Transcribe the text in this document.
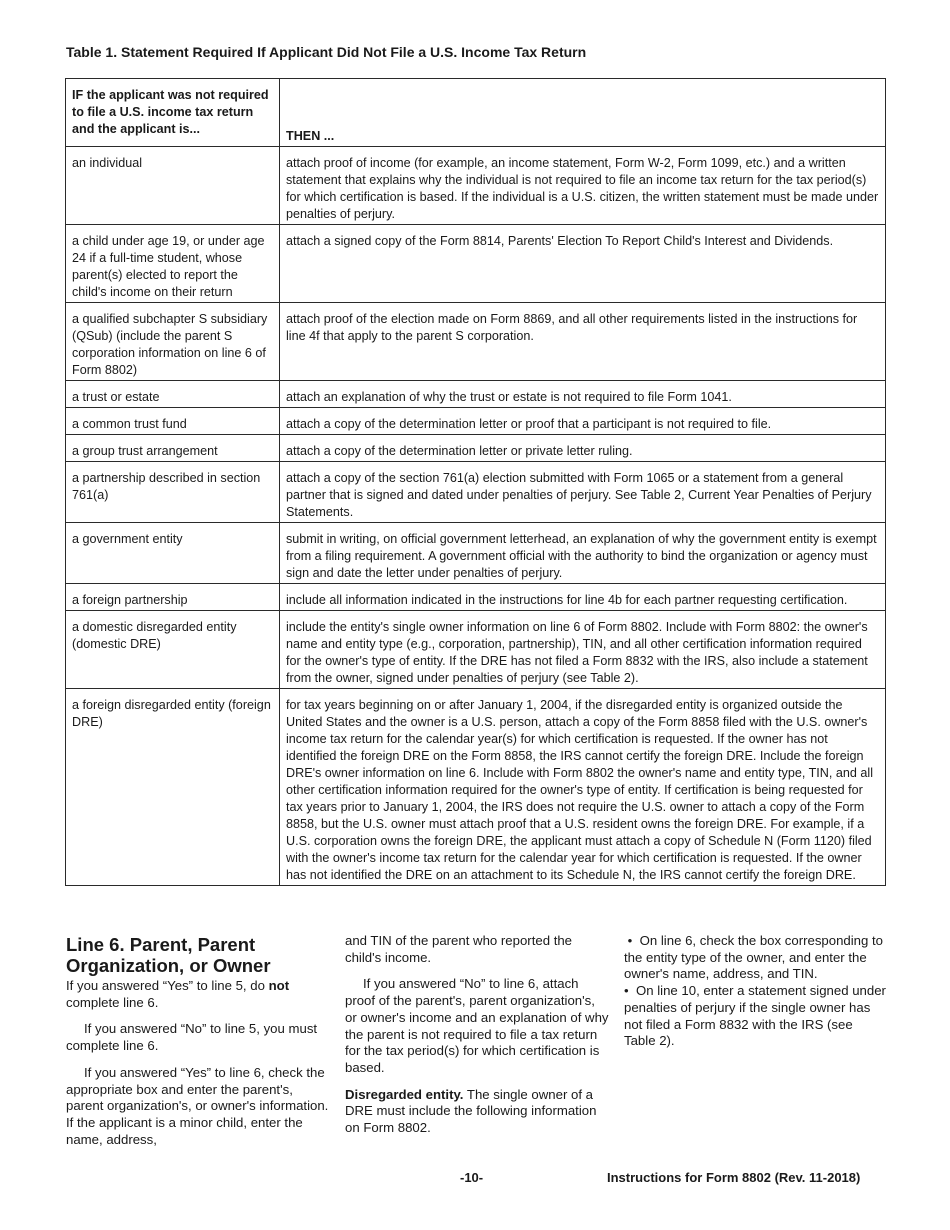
Table 1. Statement Required If Applicant Did Not File a U.S. Income Tax Return
IF the applicant was not required to file a U.S. income tax return and the applicant is...	THEN ...
an individual	attach proof of income (for example, an income statement, Form W-2, Form 1099, etc.) and a written statement that explains why the individual is not required to file an income tax return for the tax period(s) for which certification is based. If the individual is a U.S. citizen, the written statement must be made under penalties of perjury.
a child under age 19, or under age 24 if a full-time student, whose parent(s) elected to report the child's income on their return	attach a signed copy of the Form 8814, Parents' Election To Report Child's Interest and Dividends.
a qualified subchapter S subsidiary (QSub) (include the parent S corporation information on line 6 of Form 8802)	attach proof of the election made on Form 8869, and all other requirements listed in the instructions for line 4f that apply to the parent S corporation.
a trust or estate	attach an explanation of why the trust or estate is not required to file Form 1041.
a common trust fund	attach a copy of the determination letter or proof that a participant is not required to file.
a group trust arrangement	attach a copy of the determination letter or private letter ruling.
a partnership described in section 761(a)	attach a copy of the section 761(a) election submitted with Form 1065 or a statement from a general partner that is signed and dated under penalties of perjury. See Table 2, Current Year Penalties of Perjury Statements.
a government entity	submit in writing, on official government letterhead, an explanation of why the government entity is exempt from a filing requirement. A government official with the authority to bind the organization or agency must sign and date the letter under penalties of perjury.
a foreign partnership	include all information indicated in the instructions for line 4b for each partner requesting certification.
a domestic disregarded entity (domestic DRE)	include the entity's single owner information on line 6 of Form 8802. Include with Form 8802: the owner's name and entity type (e.g., corporation, partnership), TIN, and all other certification information required for the owner's type of entity. If the DRE has not filed a Form 8832 with the IRS, also include a statement from the owner, signed under penalties of perjury (see Table 2).
a foreign disregarded entity (foreign DRE)	for tax years beginning on or after January 1, 2004, if the disregarded entity is organized outside the United States and the owner is a U.S. person, attach a copy of the Form 8858 filed with the U.S. owner's income tax return for the calendar year(s) for which certification is requested. If the owner has not identified the foreign DRE on the Form 8858, the IRS cannot certify the foreign DRE. Include the foreign DRE's owner information on line 6. Include with Form 8802 the owner's name and entity type, TIN, and all other certification information required for the owner's type of entity. If certification is being requested for tax years prior to January 1, 2004, the IRS does not require the U.S. owner to attach a copy of the Form 8858, but the U.S. owner must attach proof that a U.S. resident owns the foreign DRE. For example, if a U.S. corporation owns the foreign DRE, the applicant must attach a copy of Schedule N (Form 1120) filed with the owner's income tax return for the calendar year for which certification is requested. If the owner has not identified the DRE on an attachment to its Schedule N, the IRS cannot certify the foreign DRE.
Line 6. Parent, Parent Organization, or Owner

If you answered “Yes” to line 5, do not complete line 6.

If you answered “No” to line 5, you must complete line 6.

If you answered “Yes” to line 6, check the appropriate box and enter the parent's, parent organization's, or owner's information. If the applicant is a minor child, enter the name, address,

and TIN of the parent who reported the child's income.

If you answered “No” to line 6, attach proof of the parent's, parent organization's, or owner's income and an explanation of why the parent is not required to file a tax return for the tax period(s) for which certification is based.

Disregarded entity. The single owner of a DRE must include the following information on Form 8802.

• On line 6, check the box corresponding to the entity type of the owner, and enter the owner's name, address, and TIN.

• On line 10, enter a statement signed under penalties of perjury if the single owner has not filed a Form 8832 with the IRS (see Table 2).

-10-	Instructions for Form 8802 (Rev. 11-2018)
